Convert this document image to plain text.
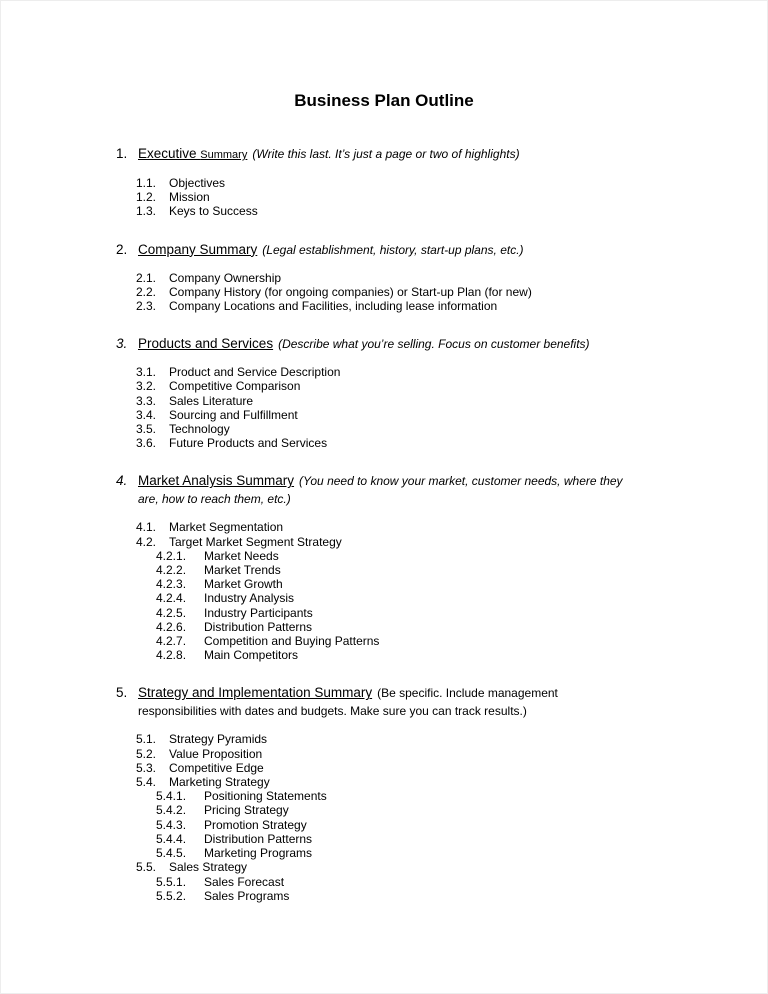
Business Plan Outline
1. Executive Summary (Write this last. It’s just a page or two of highlights)
1.1. Objectives
1.2. Mission
1.3. Keys to Success
2. Company Summary (Legal establishment, history, start-up plans, etc.)
2.1. Company Ownership
2.2. Company History (for ongoing companies) or Start-up Plan (for new)
2.3. Company Locations and Facilities, including lease information
3. Products and Services (Describe what you’re selling. Focus on customer benefits)
3.1. Product and Service Description
3.2. Competitive Comparison
3.3. Sales Literature
3.4. Sourcing and Fulfillment
3.5. Technology
3.6. Future Products and Services
4. Market Analysis Summary (You need to know your market, customer needs, where they are, how to reach them, etc.)
4.1. Market Segmentation
4.2. Target Market Segment Strategy
4.2.1. Market Needs
4.2.2. Market Trends
4.2.3. Market Growth
4.2.4. Industry Analysis
4.2.5. Industry Participants
4.2.6. Distribution Patterns
4.2.7. Competition and Buying Patterns
4.2.8. Main Competitors
5. Strategy and Implementation Summary (Be specific. Include management responsibilities with dates and budgets. Make sure you can track results.)
5.1. Strategy Pyramids
5.2. Value Proposition
5.3. Competitive Edge
5.4. Marketing Strategy
5.4.1. Positioning Statements
5.4.2. Pricing Strategy
5.4.3. Promotion Strategy
5.4.4. Distribution Patterns
5.4.5. Marketing Programs
5.5. Sales Strategy
5.5.1. Sales Forecast
5.5.2. Sales Programs
